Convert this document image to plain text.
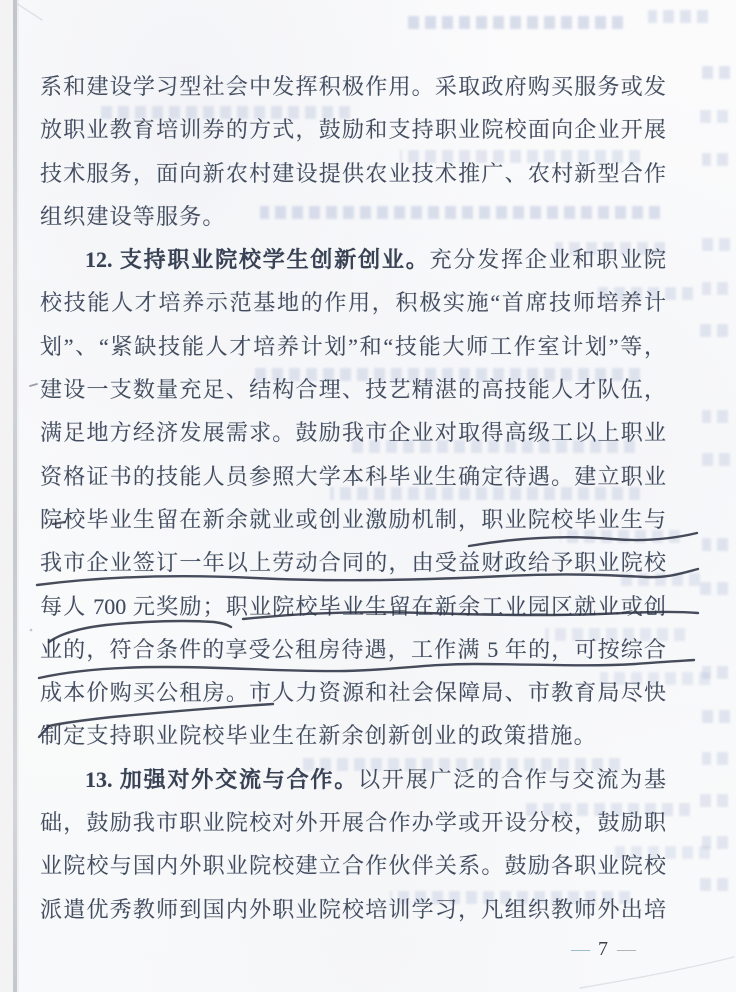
系和建设学习型社会中发挥积极作用。采取政府购买服务或发
放职业教育培训券的方式，鼓励和支持职业院校面向企业开展
技术服务，面向新农村建设提供农业技术推广、农村新型合作
组织建设等服务。
12. 支持职业院校学生创新创业。充分发挥企业和职业院
校技能人才培养示范基地的作用，积极实施“首席技师培养计
划”、“紧缺技能人才培养计划”和“技能大师工作室计划”等，
建设一支数量充足、结构合理、技艺精湛的高技能人才队伍，
满足地方经济发展需求。鼓励我市企业对取得高级工以上职业
资格证书的技能人员参照大学本科毕业生确定待遇。建立职业
院校毕业生留在新余就业或创业激励机制，职业院校毕业生与
我市企业签订一年以上劳动合同的，由受益财政给予职业院校
每人 700 元奖励；职业院校毕业生留在新余工业园区就业或创
业的，符合条件的享受公租房待遇，工作满 5 年的，可按综合
成本价购买公租房。市人力资源和社会保障局、市教育局尽快
制定支持职业院校毕业生在新余创新创业的政策措施。
13. 加强对外交流与合作。以开展广泛的合作与交流为基
础，鼓励我市职业院校对外开展合作办学或开设分校，鼓励职
业院校与国内外职业院校建立合作伙伴关系。鼓励各职业院校
派遣优秀教师到国内外职业院校培训学习，凡组织教师外出培
— 7 —
